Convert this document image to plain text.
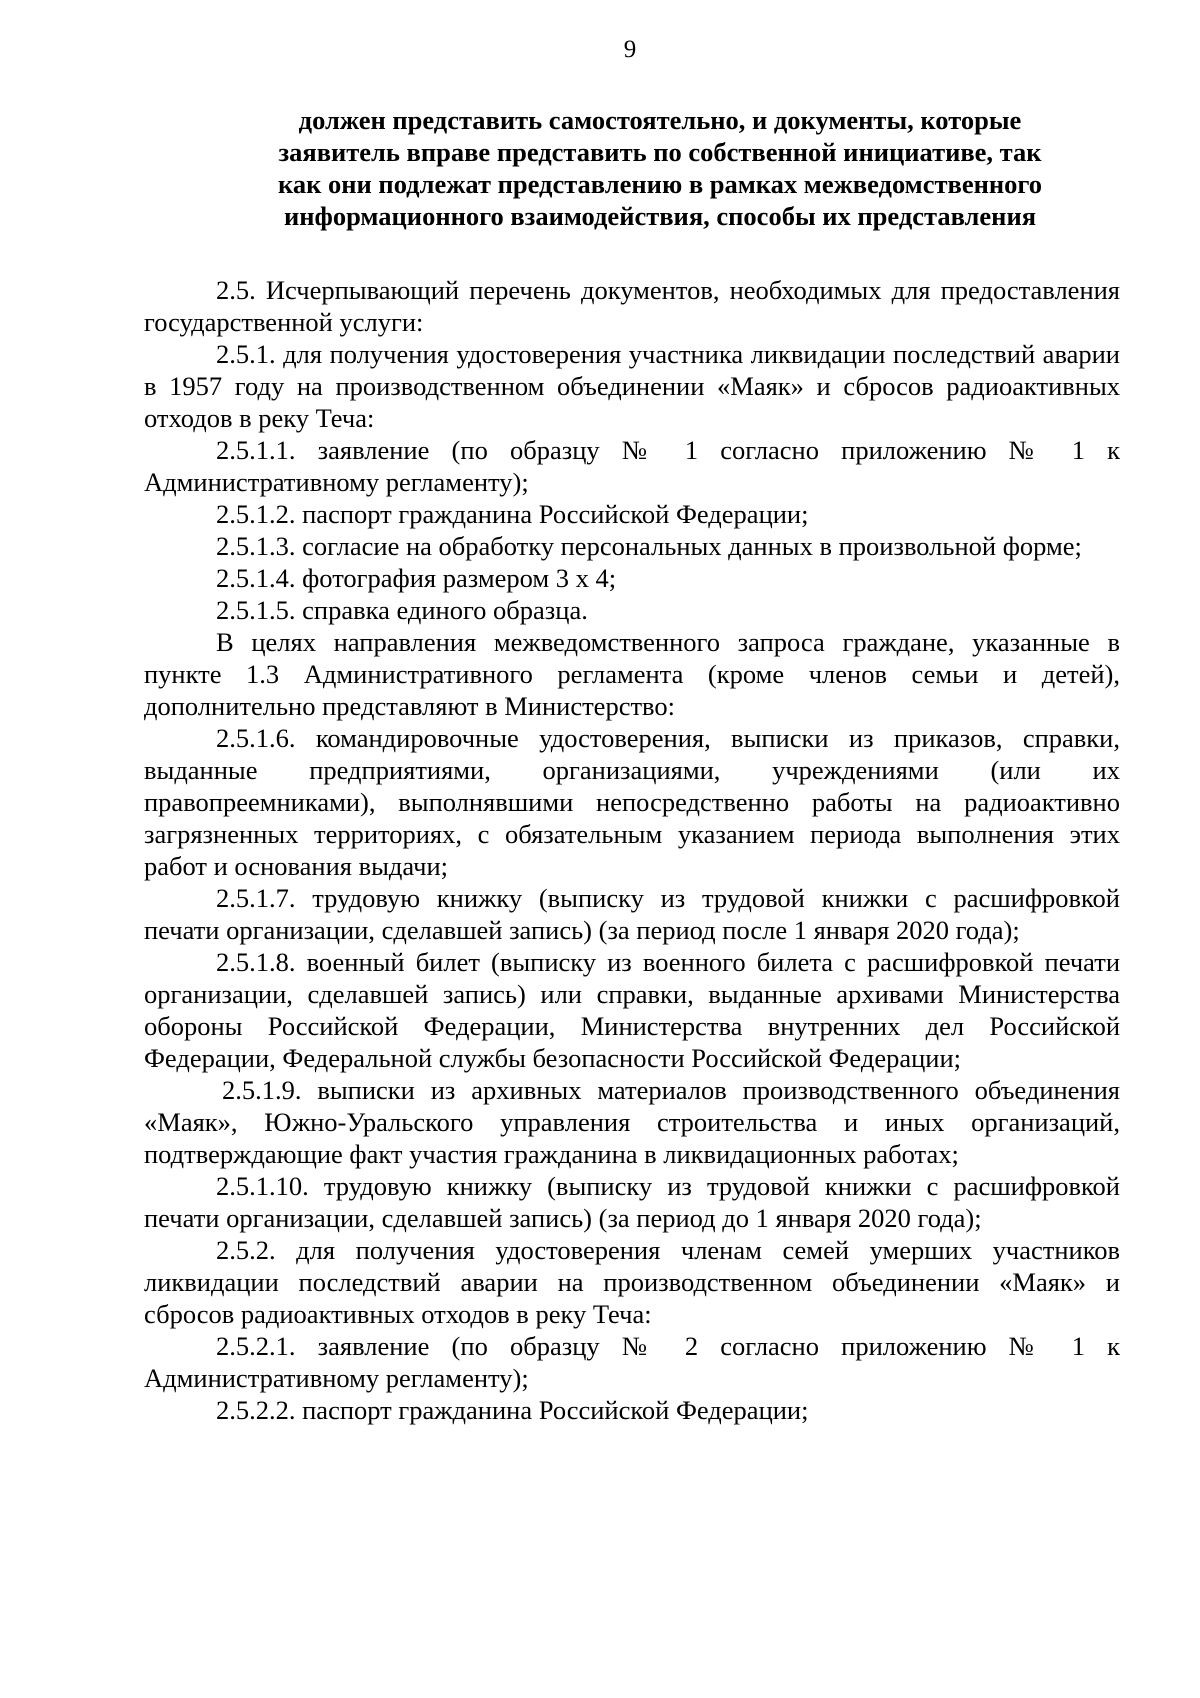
9
должен представить самостоятельно, и документы, которые
заявитель вправе представить по собственной инициативе, так
как они подлежат представлению в рамках межведомственного
информационного взаимодействия, способы их представления

2.5. Исчерпывающий перечень документов, необходимых для предоставления государственной услуги:

2.5.1. для получения удостоверения участника ликвидации последствий аварии в 1957 году на производственном объединении «Маяк» и сбросов радиоактивных отходов в реку Теча:

2.5.1.1. заявление (по образцу № 1 согласно приложению № 1 к Административному регламенту);

2.5.1.2. паспорт гражданина Российской Федерации;

2.5.1.3. согласие на обработку персональных данных в произвольной форме;

2.5.1.4. фотография размером 3 х 4;

2.5.1.5. справка единого образца.

В целях направления межведомственного запроса граждане, указанные в пункте 1.3 Административного регламента (кроме членов семьи и детей), дополнительно представляют в Министерство:

2.5.1.6. командировочные удостоверения, выписки из приказов, справки, выданные предприятиями, организациями, учреждениями (или их правопреемниками), выполнявшими непосредственно работы на радиоактивно загрязненных территориях, с обязательным указанием периода выполнения этих работ и основания выдачи;

2.5.1.7. трудовую книжку (выписку из трудовой книжки с расшифровкой печати организации, сделавшей запись) (за период после 1 января 2020 года);

2.5.1.8. военный билет (выписку из военного билета с расшифровкой печати организации, сделавшей запись) или справки, выданные архивами Министерства обороны Российской Федерации, Министерства внутренних дел Российской Федерации, Федеральной службы безопасности Российской Федерации;

2.5.1.9. выписки из архивных материалов производственного объединения «Маяк», Южно-Уральского управления строительства и иных организаций, подтверждающие факт участия гражданина в ликвидационных работах;

2.5.1.10. трудовую книжку (выписку из трудовой книжки с расшифровкой печати организации, сделавшей запись) (за период до 1 января 2020 года);

2.5.2. для получения удостоверения членам семей умерших участников ликвидации последствий аварии на производственном объединении «Маяк» и сбросов радиоактивных отходов в реку Теча:

2.5.2.1. заявление (по образцу № 2 согласно приложению № 1 к Административному регламенту);

2.5.2.2. паспорт гражданина Российской Федерации;
